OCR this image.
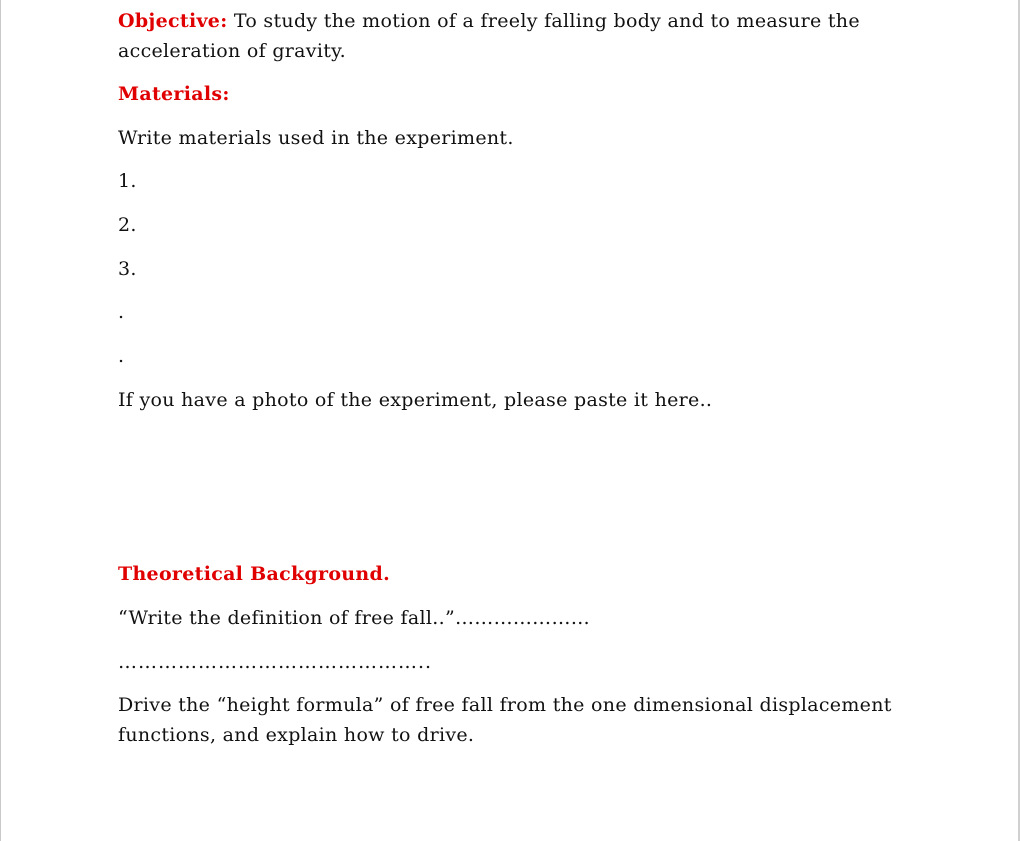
Objective: To study the motion of a freely falling body and to measure the
acceleration of gravity.
Materials:
Write materials used in the experiment.
1.
2.
3.
.
.
If you have a photo of the experiment, please paste it here..
Theoretical Background.
“Write the definition of free fall..”…………………
………………………………………..
Drive the “height formula” of free fall from the one dimensional displacement
functions, and explain how to drive.
